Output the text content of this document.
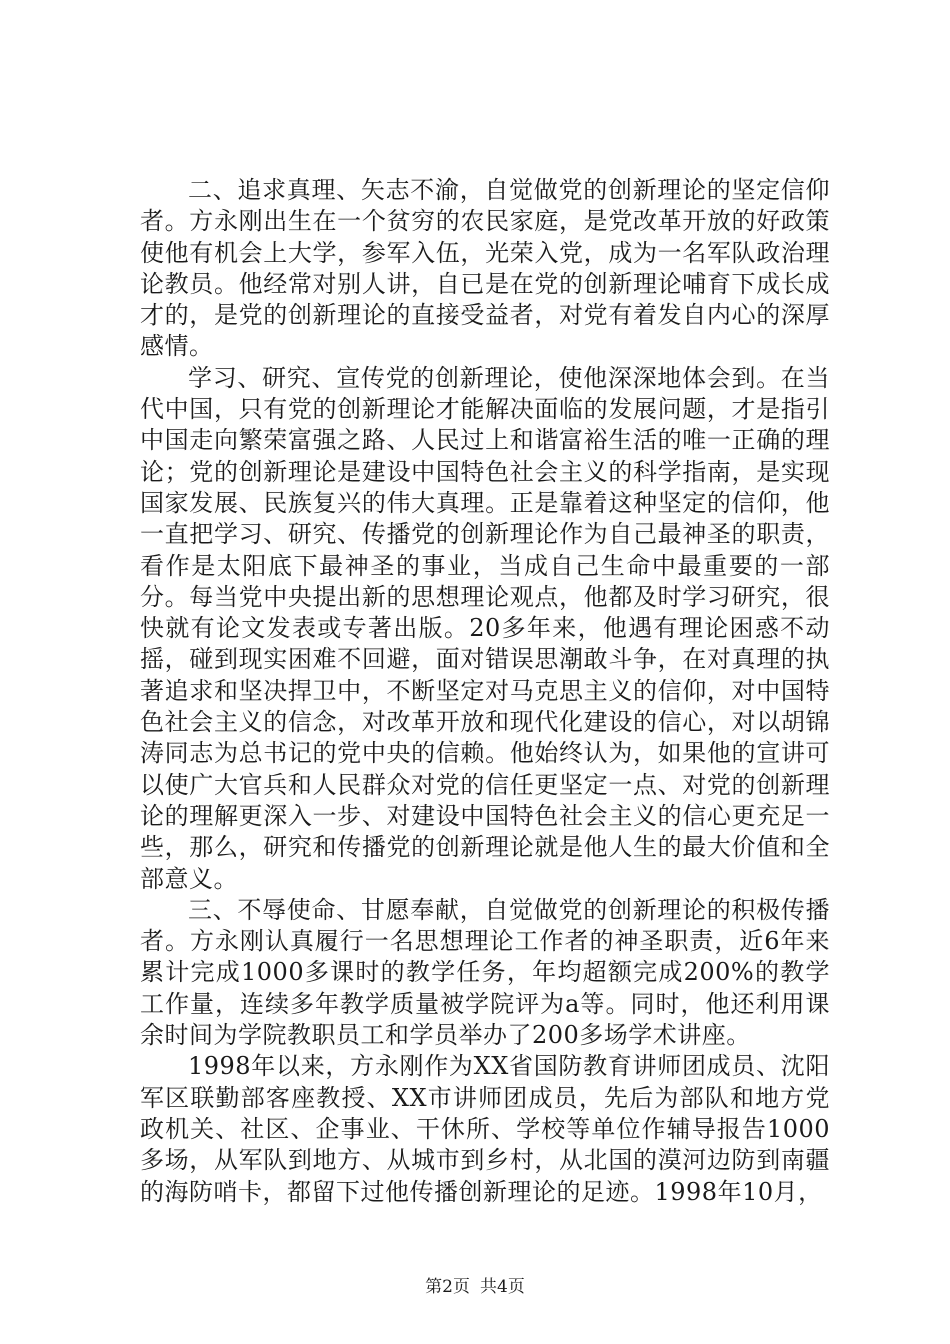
二、追求真理、矢志不渝，自觉做党的创新理论的坚定信仰者。方永刚出生在一个贫穷的农民家庭，是党改革开放的好政策使他有机会上大学，参军入伍，光荣入党，成为一名军队政治理论教员。他经常对别人讲，自已是在党的创新理论哺育下成长成才的，是党的创新理论的直接受益者，对党有着发自内心的深厚感情。

学习、研究、宣传党的创新理论，使他深深地体会到。在当代中国，只有党的创新理论才能解决面临的发展问题，才是指引中国走向繁荣富强之路、人民过上和谐富裕生活的唯一正确的理论；党的创新理论是建设中国特色社会主义的科学指南，是实现国家发展、民族复兴的伟大真理。正是靠着这种坚定的信仰，他一直把学习、研究、传播党的创新理论作为自己最神圣的职责，看作是太阳底下最神圣的事业，当成自己生命中最重要的一部分。每当党中央提出新的思想理论观点，他都及时学习研究，很快就有论文发表或专著出版。20多年来，他遇有理论困惑不动摇，碰到现实困难不回避，面对错误思潮敢斗争，在对真理的执著追求和坚决捍卫中，不断坚定对马克思主义的信仰，对中国特色社会主义的信念，对改革开放和现代化建设的信心，对以胡锦涛同志为总书记的党中央的信赖。他始终认为，如果他的宣讲可以使广大官兵和人民群众对党的信任更坚定一点、对党的创新理论的理解更深入一步、对建设中国特色社会主义的信心更充足一些，那么，研究和传播党的创新理论就是他人生的最大价值和全部意义。

三、不辱使命、甘愿奉献，自觉做党的创新理论的积极传播者。方永刚认真履行一名思想理论工作者的神圣职责，近6年来累计完成1000多课时的教学任务，年均超额完成200%的教学工作量，连续多年教学质量被学院评为a等。同时，他还利用课余时间为学院教职员工和学员举办了200多场学术讲座。

1998年以来，方永刚作为XX省国防教育讲师团成员、沈阳军区联勤部客座教授、XX市讲师团成员，先后为部队和地方党政机关、社区、企事业、干休所、学校等单位作辅导报告1000多场，从军队到地方、从城市到乡村，从北国的漠河边防到南疆的海防哨卡，都留下过他传播创新理论的足迹。1998年10月，

第2页 共4页
